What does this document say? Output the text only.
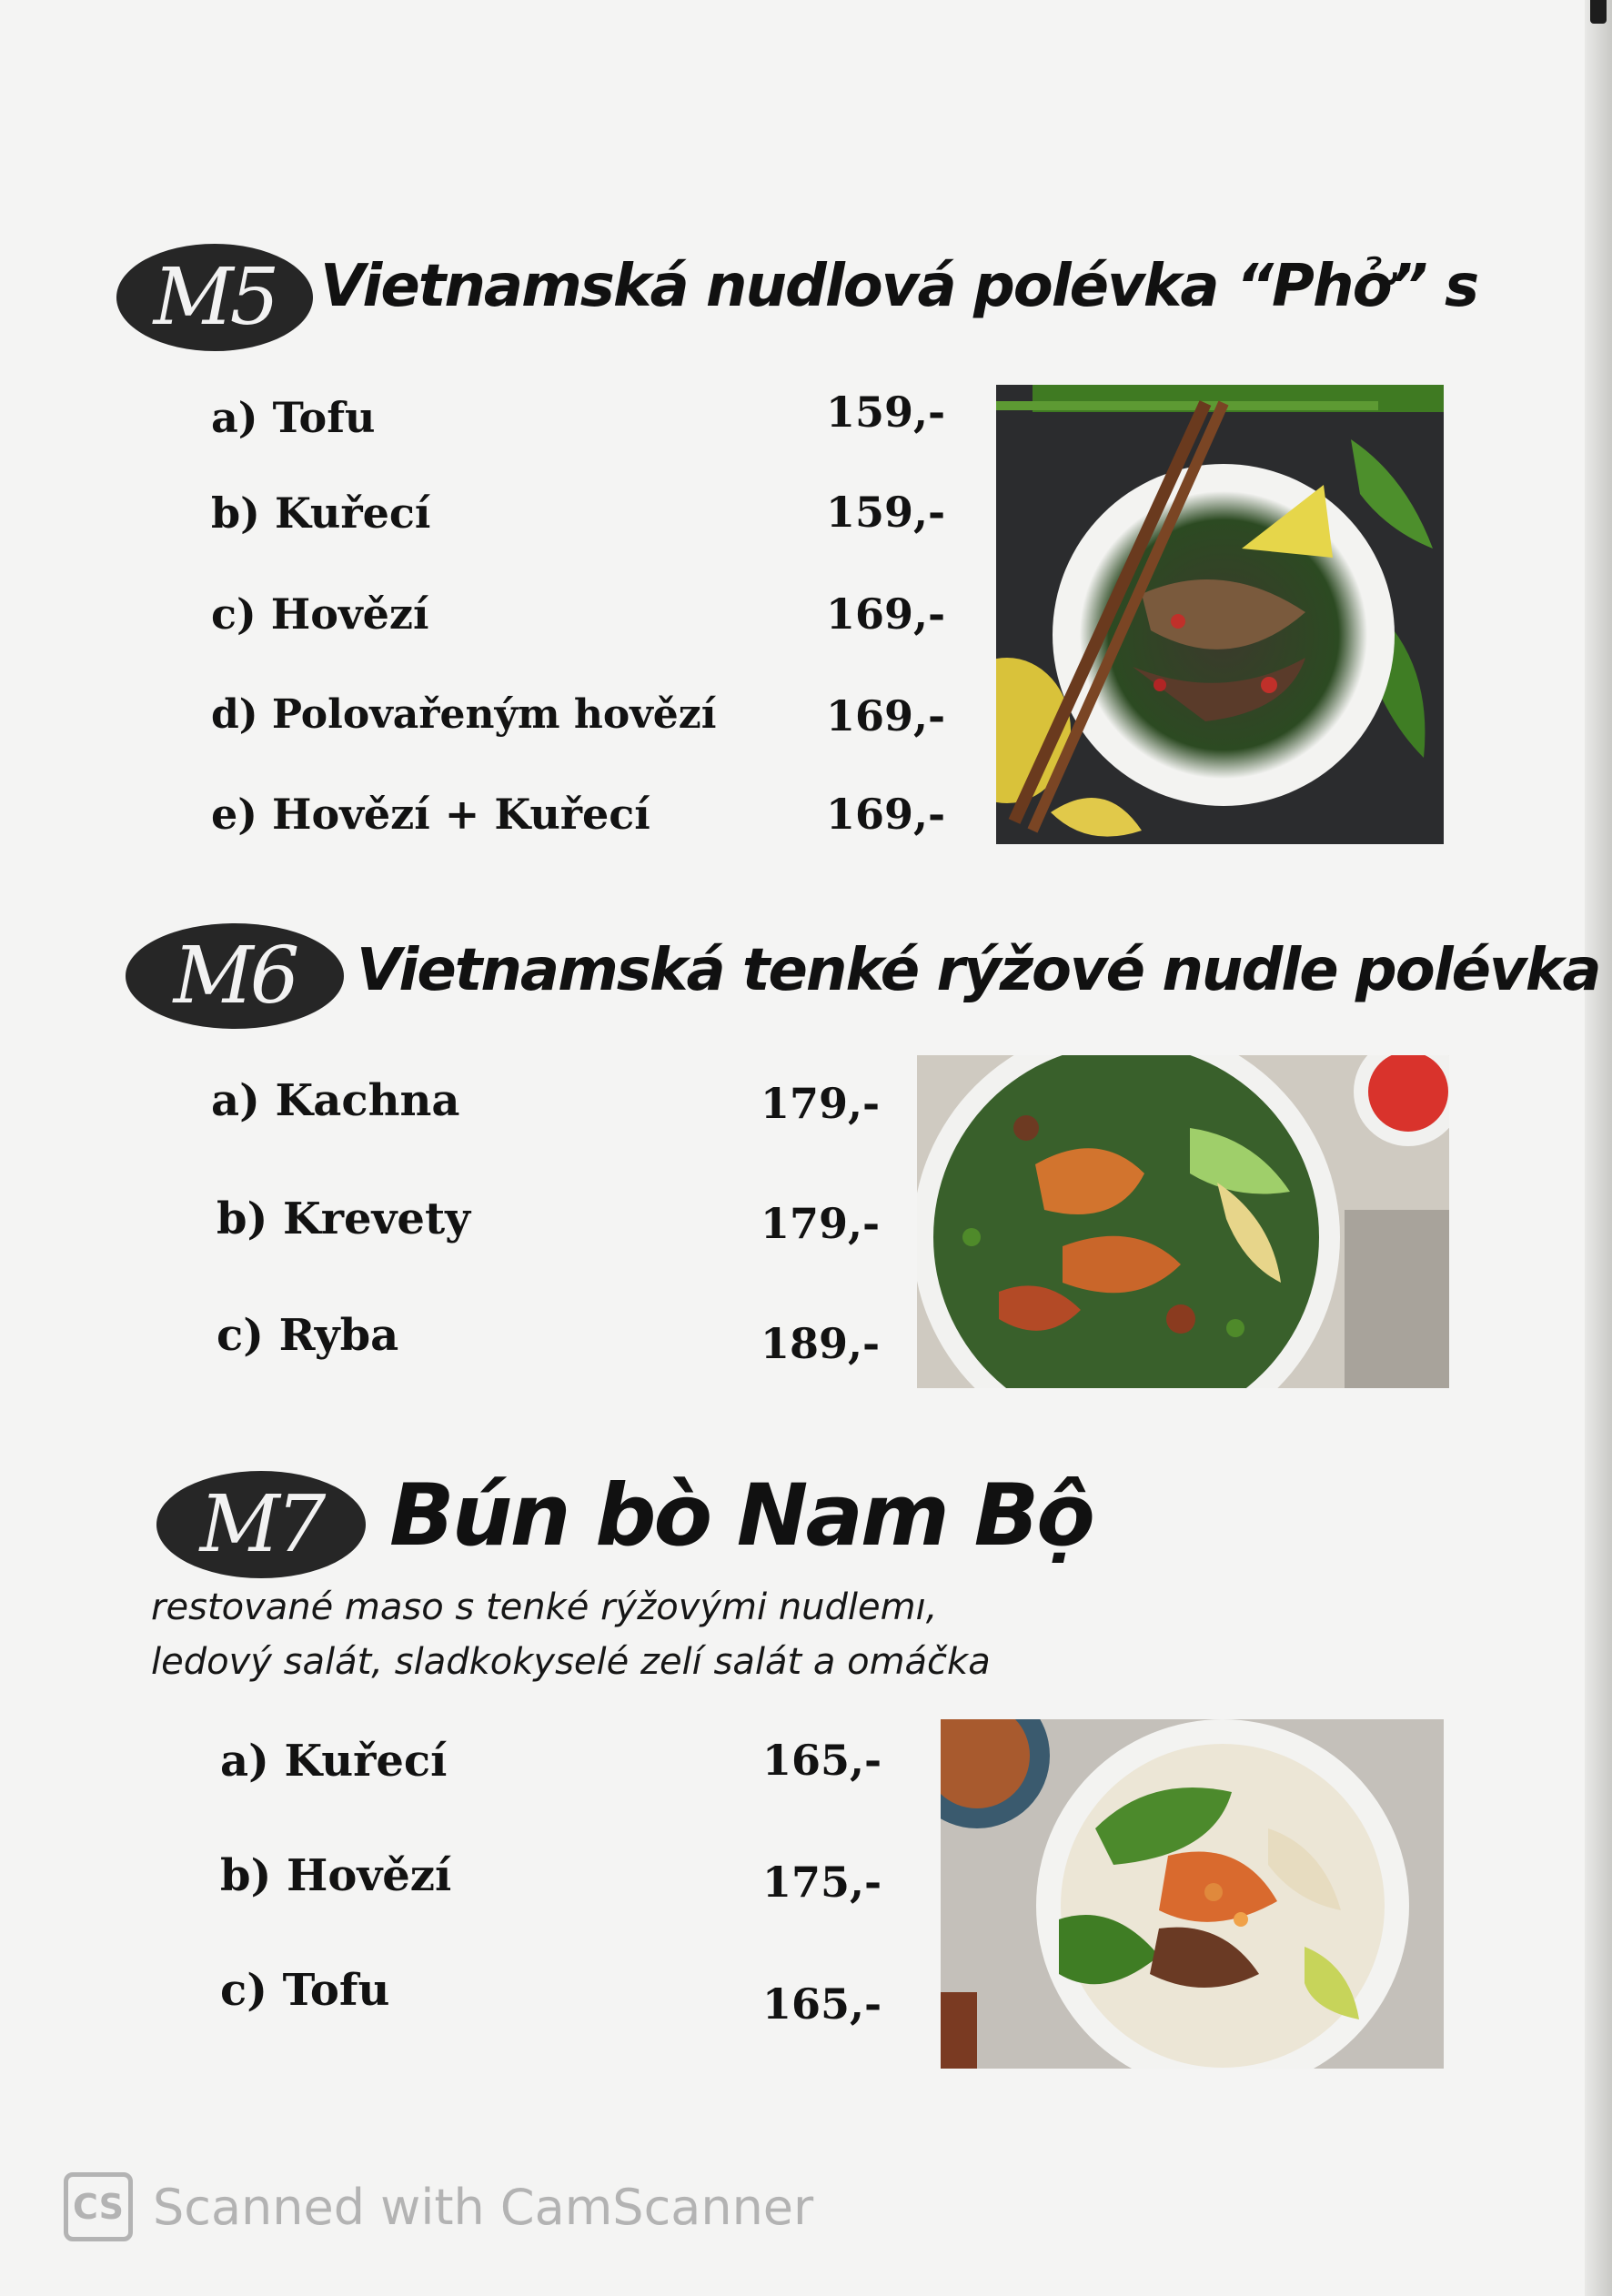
M5 Vietnamská nudlová polévka “Phở” s
a) Tofu	159,-
b) Kuřecí	159,-
c) Hovězí	169,-
d) Polovařeným hovězí	169,-
e) Hovězí + Kuřecí	169,-
M6 Vietnamská tenké rýžové nudle polévka
a) Kachna	179,-
b) Krevety	179,-
c) Ryba	189,-
M7 Bún bò Nam Bộ
restované maso s tenké rýžovými nudlemı,
ledový salát, sladkokyselé zelí salát a omáčka
a) Kuřecí	165,-
b) Hovězí	175,-
c) Tofu	165,-
CS Scanned with CamScanner
